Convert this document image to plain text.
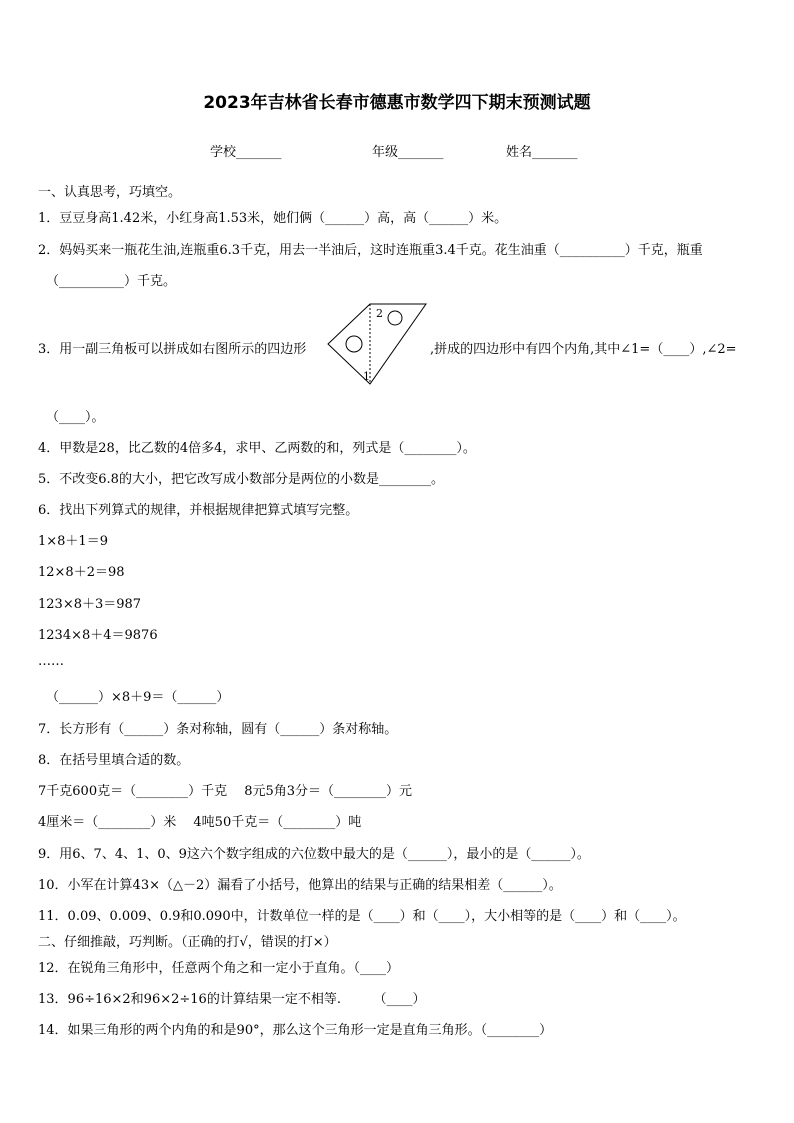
2023年吉林省长春市德惠市数学四下期末预测试题
学校_______	年级_______	姓名_______
一、认真思考，巧填空。
1．豆豆身高1.42米，小红身高1.53米，她们俩（______）高，高（______）米。
2．妈妈买来一瓶花生油,连瓶重6.3千克，用去一半油后，这时连瓶重3.4千克。花生油重（__________）千克，瓶重
（__________）千克。
3．用一副三角板可以拼成如右图所示的四边形
2
1
,拼成的四边形中有四个内角,其中∠1=（____）,∠2=
（____）。
4．甲数是28，比乙数的4倍多4，求甲、乙两数的和，列式是（________）。
5．不改变6.8的大小，把它改写成小数部分是两位的小数是________。
6．找出下列算式的规律，并根据规律把算式填写完整。
1×8＋1＝9
12×8＋2＝98
123×8＋3＝987
1234×8＋4＝9876
……
（______）×8＋9＝（______）
7．长方形有（______）条对称轴，圆有（______）条对称轴。
8．在括号里填合适的数。
7千克600克＝（________）千克　 8元5角3分＝（________）元
4厘米＝（________）米　 4吨50千克＝（________）吨
9．用6、7、4、1、0、9这六个数字组成的六位数中最大的是（______），最小的是（______）。
10．小军在计算43×（△－2）漏看了小括号，他算出的结果与正确的结果相差（______）。
11．0.09、0.009、0.9和0.090中，计数单位一样的是（____）和（____），大小相等的是（____）和（____）。
二、仔细推敲，巧判断。（正确的打√，错误的打×）
12．在锐角三角形中，任意两个角之和一定小于直角。（____）
13．96÷16×2和96×2÷16的计算结果一定不相等.　　　（____）
14．如果三角形的两个内角的和是90°，那么这个三角形一定是直角三角形。（________）
